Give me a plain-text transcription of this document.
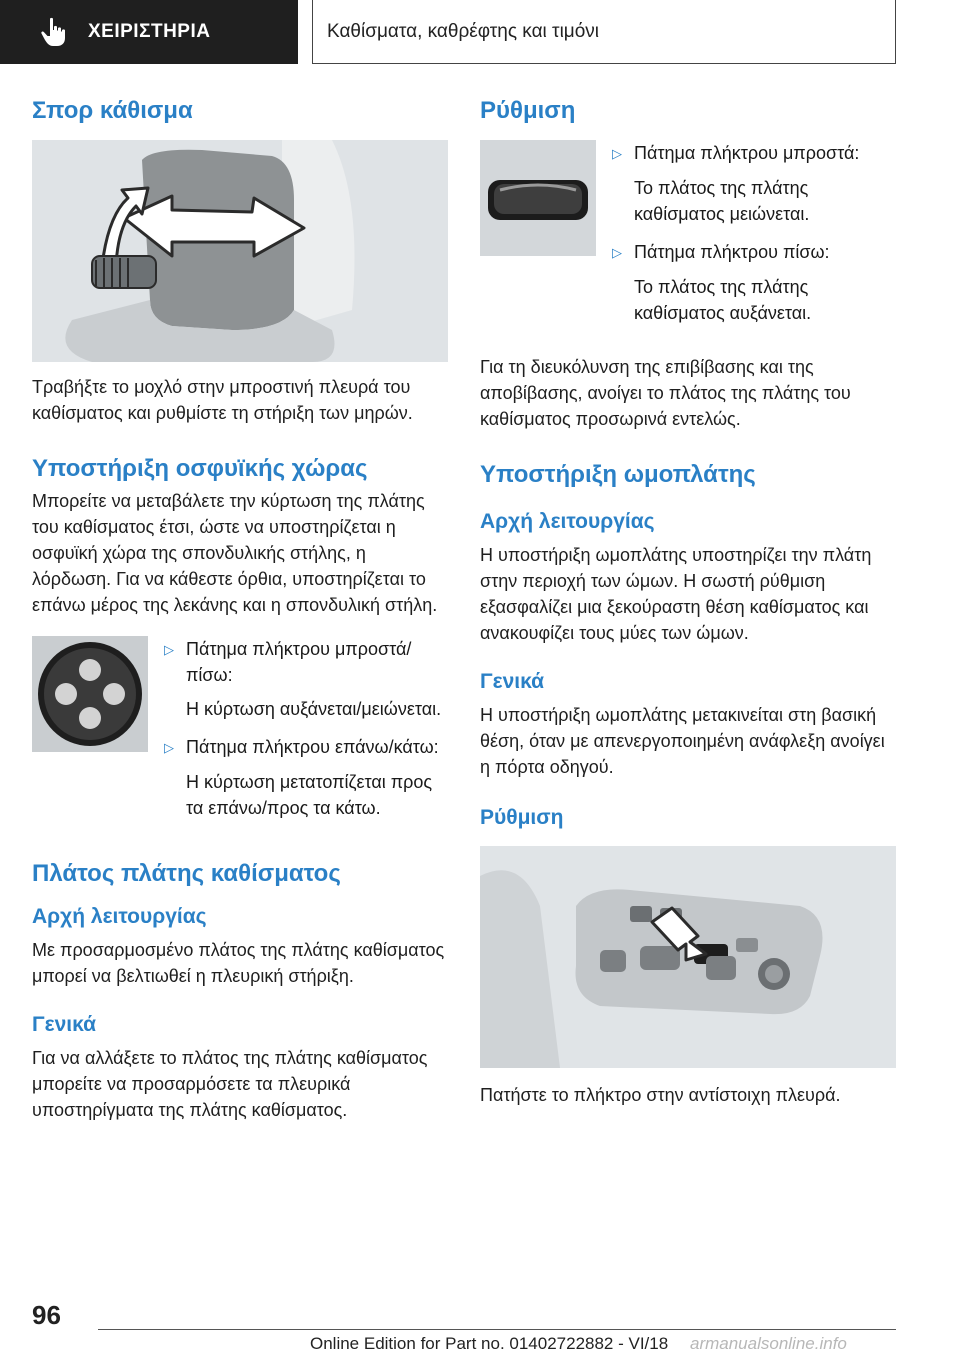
ΧΕΙΡΙΣΤΗΡΙΑ	Καθίσματα, καθρέφτης και τιμόνι
Σπορ κάθισμα
Τραβήξτε το μοχλό στην μπροστινή πλευρά του καθίσματος και ρυθμίστε τη στήριξη των μηρών.
Υποστήριξη οσφυϊκής χώρας
Μπορείτε να μεταβάλετε την κύρτωση της πλάτης του καθίσματος έτσι, ώστε να υποστηρίζεται η οσφυϊκή χώρα της σπονδυλικής στήλης, η λόρδωση. Για να κάθεστε όρθια, υποστηρίζεται το επάνω μέρος της λεκάνης και η σπονδυλική στήλη.
▷ Πάτημα πλήκτρου μπροστά/πίσω:
Η κύρτωση αυξάνεται/μειώνεται.
▷ Πάτημα πλήκτρου επάνω/κάτω:
Η κύρτωση μετατοπίζεται προς τα επάνω/προς τα κάτω.
Πλάτος πλάτης καθίσματος
Αρχή λειτουργίας
Με προσαρμοσμένο πλάτος της πλάτης καθίσματος μπορεί να βελτιωθεί η πλευρική στήριξη.
Γενικά
Για να αλλάξετε το πλάτος της πλάτης καθίσματος μπορείτε να προσαρμόσετε τα πλευρικά υποστηρίγματα της πλάτης καθίσματος.
Ρύθμιση
▷ Πάτημα πλήκτρου μπροστά:
Το πλάτος της πλάτης καθίσματος μειώνεται.
▷ Πάτημα πλήκτρου πίσω:
Το πλάτος της πλάτης καθίσματος αυξάνεται.
Για τη διευκόλυνση της επιβίβασης και της αποβίβασης, ανοίγει το πλάτος της πλάτης του καθίσματος προσωρινά εντελώς.
Υποστήριξη ωμοπλάτης
Αρχή λειτουργίας
Η υποστήριξη ωμοπλάτης υποστηρίζει την πλάτη στην περιοχή των ώμων. Η σωστή ρύθμιση εξασφαλίζει μια ξεκούραστη θέση καθίσματος και ανακουφίζει τους μύες των ώμων.
Γενικά
Η υποστήριξη ωμοπλάτης μετακινείται στη βασική θέση, όταν με απενεργοποιημένη ανάφλεξη ανοίγει η πόρτα οδηγού.
Ρύθμιση
Πατήστε το πλήκτρο στην αντίστοιχη πλευρά.
96
Online Edition for Part no. 01402722882 - VI/18 armanualsonline.info
